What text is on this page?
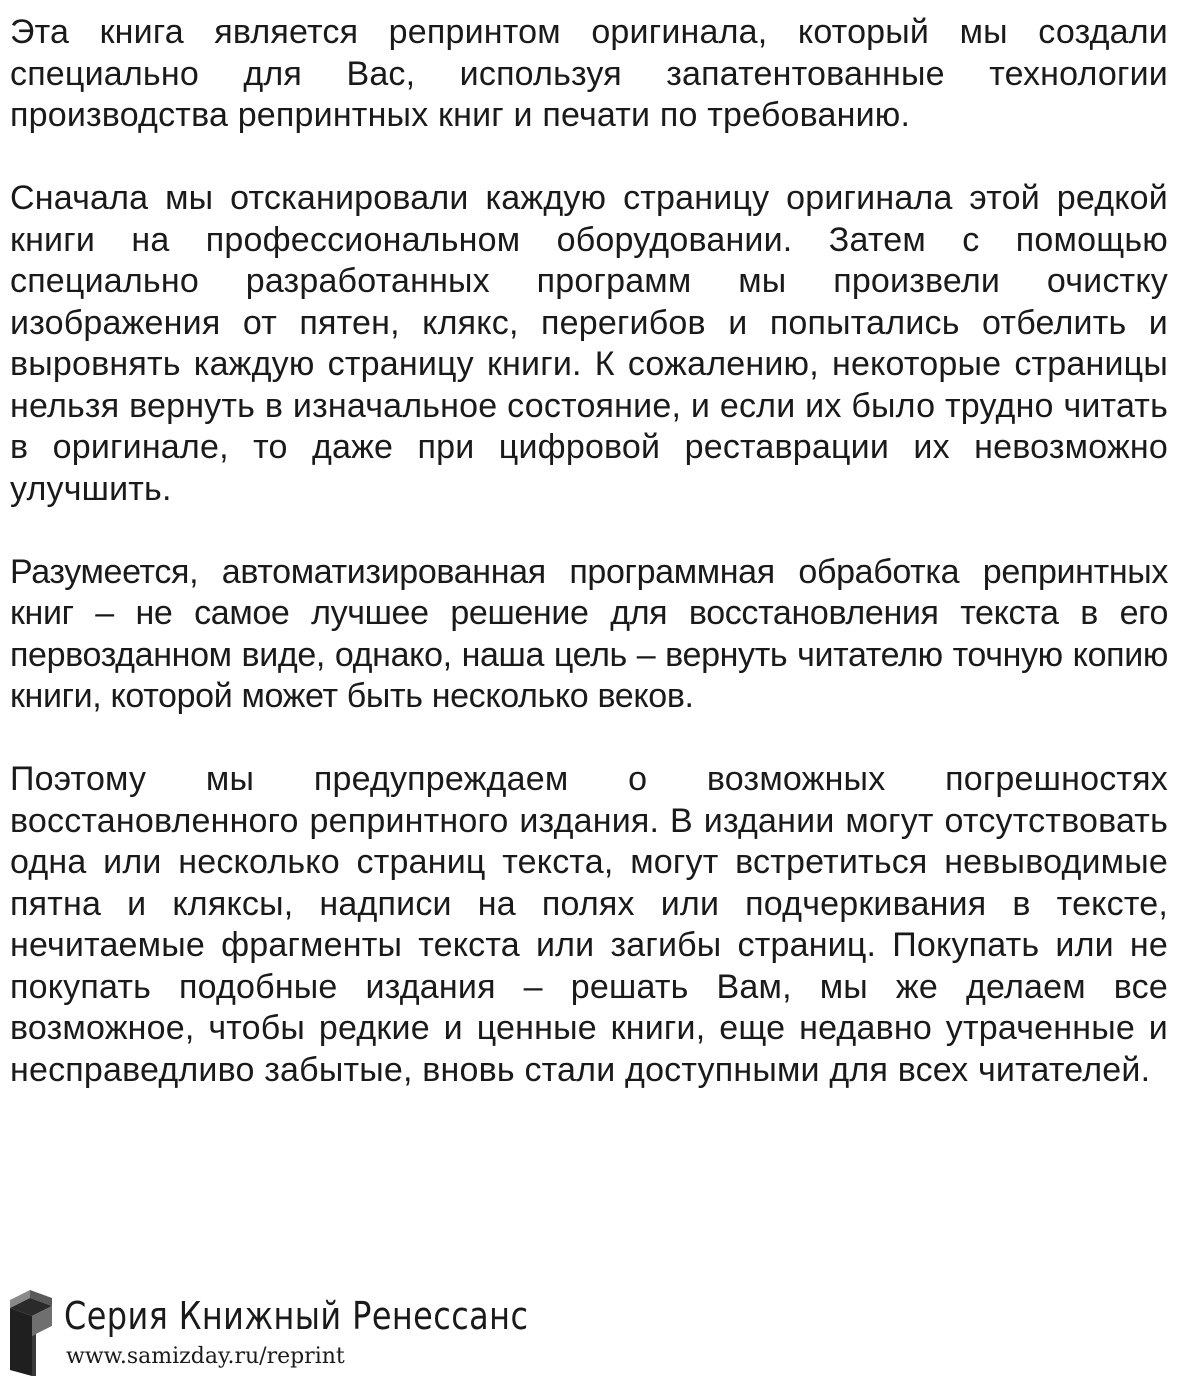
Эта книга является репринтом оригинала, который мы создали специально для Вас, используя запатентованные технологии производства репринтных книг и печати по требованию.

Сначала мы отсканировали каждую страницу оригинала этой редкой книги на профессиональном оборудовании. Затем с помощью специально разработанных программ мы произвели очистку изображения от пятен, клякс, перегибов и попытались отбелить и выровнять каждую страницу книги. К сожалению, некоторые страницы нельзя вернуть в изначальное состояние, и если их было трудно читать в оригинале, то даже при цифровой реставрации их невозможно улучшить.

Разумеется, автоматизированная программная обработка репринтных книг – не самое лучшее решение для восстановления текста в его первозданном виде, однако, наша цель – вернуть читателю точную копию книги, которой может быть несколько веков.

Поэтому мы предупреждаем о возможных погрешностях восстановленного репринтного издания. В издании могут отсутствовать одна или несколько страниц текста, могут встретиться невыводимые пятна и кляксы, надписи на полях или подчеркивания в тексте, нечитаемые фрагменты текста или загибы страниц. Покупать или не покупать подобные издания – решать Вам, мы же делаем все возможное, чтобы редкие и ценные книги, еще недавно утраченные и несправедливо забытые, вновь стали доступными для всех читателей.

Серия Книжный Ренессанс
www.samizday.ru/reprint
